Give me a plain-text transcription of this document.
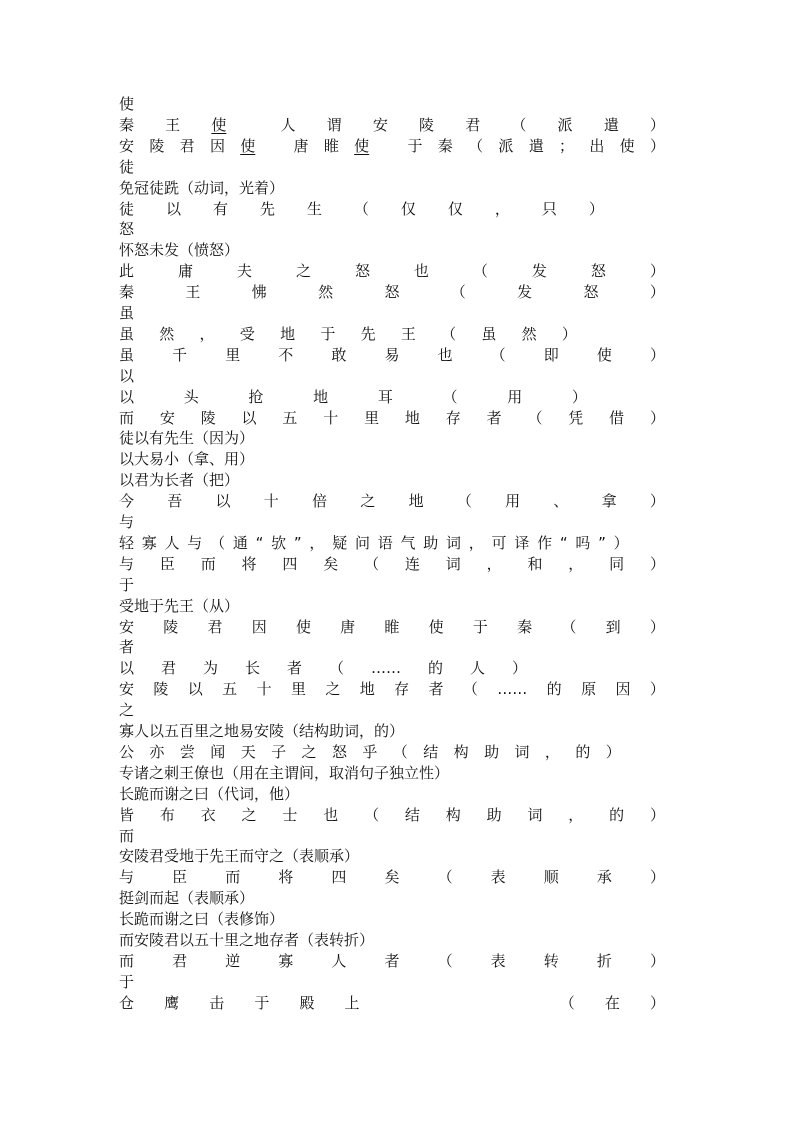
使
秦 王 使	人 谓 安 陵 君 （ 派 遣 ）
安 陵 君 因 使	唐 睢 使	于 秦 （ 派 遣 ； 出 使 ）
徒
免冠徒跣（动词，光着）
徒 以 有 先 生 （ 仅 仅 ， 只 ）
怒
怀怒未发（愤怒）
此	庸	夫	之	怒	也	（	发	怒	）
秦	王	怫	然	怒	（	发	怒	）
虽
虽 然 ， 受 地 于 先 王 （ 虽 然 ）
虽	千	里	不	敢	易	也	（	即	使	）
以
以	头	抢	地	耳	（	用	）
而 安 陵 以 五 十 里 地 存 者 （ 凭 借 ）
徒以有先生（因为）
以大易小（拿、用）
以君为长者（把）
今 吾 以 十 倍 之 地 （ 用 、 拿 ）
与
轻 寡 人 与 （ 通 “ 欤 ” ， 疑 问 语 气 助 词 ， 可 译 作 “ 吗 ” ）
与 臣 而 将 四 矣 （ 连 词 ， 和 ， 同 ）
于
受地于先王（从）
安 陵 君 因 使 唐 睢 使 于 秦 （ 到 ）
者
以 君 为 长 者 （ …… 的 人 ）
安 陵 以 五 十 里 之 地 存 者 （ …… 的 原 因 ）
之
寡人以五百里之地易安陵（结构助词，的）
公 亦 尝 闻 天 子 之 怒 乎 （ 结 构 助 词 ， 的 ）
专诸之刺王僚也（用在主谓间，取消句子独立性）
长跪而谢之曰（代词，他）
皆 布 衣 之 士 也 （ 结 构 助 词 ， 的 ）
而
安陵君受地于先王而守之（表顺承）
与	臣	而	将	四	矣	（	表	顺	承	）
挺剑而起（表顺承）
长跪而谢之曰（表修饰）
而安陵君以五十里之地存者（表转折）
而	君	逆	寡	人	者	（	表	转	折	）
于
仓 鹰 击 于 殿 上	（ 在 ）
